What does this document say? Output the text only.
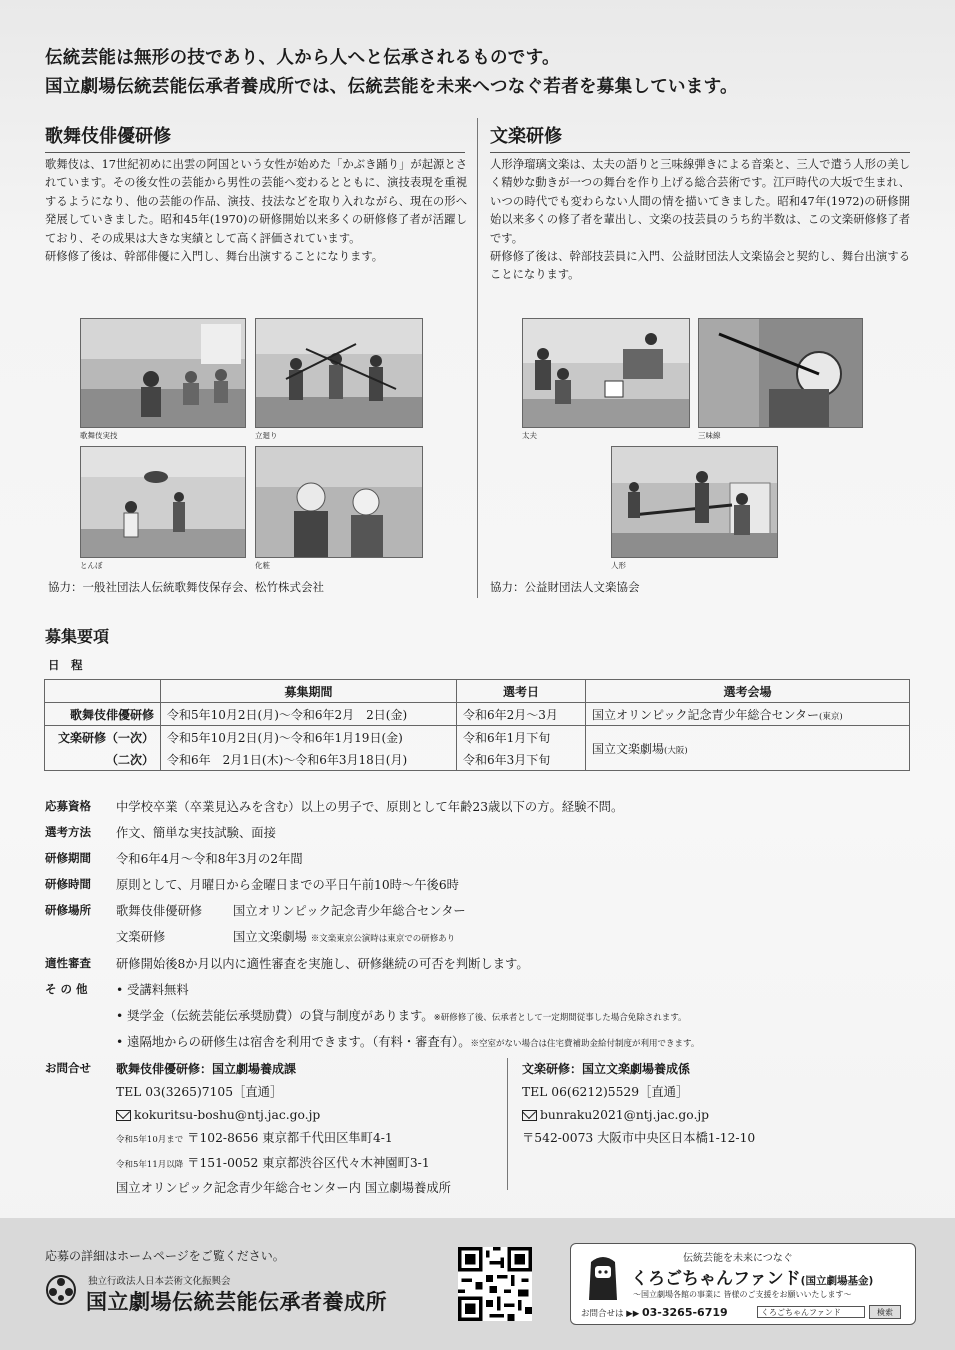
伝統芸能は無形の技であり、人から人へと伝承されるものです。
国立劇場伝統芸能伝承者養成所では、伝統芸能を未来へつなぐ若者を募集しています。
歌舞伎俳優研修
歌舞伎は、17世紀初めに出雲の阿国という女性が始めた「かぶき踊り」が起源とされています。その後女性の芸能から男性の芸能へ変わるとともに、演技表現を重視するようになり、他の芸能の作品、演技、技法などを取り入れながら、現在の形へ発展していきました。昭和45年(1970)の研修開始以来多くの研修修了者が活躍しており、その成果は大きな実績として高く評価されています。
研修修了後は、幹部俳優に入門し、舞台出演することになります。
文楽研修
人形浄瑠璃文楽は、太夫の語りと三味線弾きによる音楽と、三人で遣う人形の美しく精妙な動きが一つの舞台を作り上げる総合芸術です。江戸時代の大坂で生まれ、いつの時代でも変わらない人間の情を描いてきました。昭和47年(1972)の研修開始以来多くの修了者を輩出し、文楽の技芸員のうち約半数は、この文楽研修修了者です。
研修修了後は、幹部技芸員に入門、公益財団法人文楽協会と契約し、舞台出演することになります。
歌舞伎実技	立廻り
とんぼ	化粧
協力：一般社団法人伝統歌舞伎保存会、松竹株式会社
太夫	三味線
人形
協力：公益財団法人文楽協会
募集要項
日　程
	募集期間	選考日	選考会場
歌舞伎俳優研修	令和5年10月2日(月)〜令和6年2月　2日(金)	令和6年2月〜3月	国立オリンピック記念青少年総合センター(東京)
文楽研修（一次）	令和5年10月2日(月)〜令和6年1月19日(金)	令和6年1月下旬	国立文楽劇場(大阪)
（二次）	令和6年　2月1日(木)〜令和6年3月18日(月)	令和6年3月下旬	
応募資格 中学校卒業（卒業見込みを含む）以上の男子で、原則として年齢23歳以下の方。経験不問。
選考方法 作文、簡単な実技試験、面接
研修期間 令和6年4月〜令和8年3月の2年間
研修時間 原則として、月曜日から金曜日までの平日午前10時〜午後6時
研修場所 歌舞伎俳優研修	国立オリンピック記念青少年総合センター
文楽研修	国立文楽劇場 ※文楽東京公演時は東京での研修あり
適性審査 研修開始後8か月以内に適性審査を実施し、研修継続の可否を判断します。
そ の 他 • 受講料無料
• 奨学金（伝統芸能伝承奨励費）の貸与制度があります。※研修修了後、伝承者として一定期間従事した場合免除されます。
• 遠隔地からの研修生は宿舎を利用できます。（有料・審査有）。※空室がない場合は住宅費補助金給付制度が利用できます。
お問合せ 歌舞伎俳優研修：国立劇場養成課
TEL 03(3265)7105［直通］
kokuritsu-boshu@ntj.jac.go.jp
令和5年10月まで 〒102-8656 東京都千代田区隼町4-1
令和5年11月以降 〒151-0052 東京都渋谷区代々木神園町3-1
国立オリンピック記念青少年総合センター内 国立劇場養成所
文楽研修：国立文楽劇場養成係
TEL 06(6212)5529［直通］
bunraku2021@ntj.jac.go.jp
〒542-0073 大阪市中央区日本橋1-12-10
応募の詳細はホームページをご覧ください。
独立行政法人日本芸術文化振興会
国立劇場伝統芸能伝承者養成所
伝統芸能を未来につなぐ
くろごちゃんファンド(国立劇場基金)
〜国立劇場各館の事業に 皆様のご支援をお願いいたします〜
お問合せは ▶▶ 03-3265-6719	くろごちゃんファンド	検索
